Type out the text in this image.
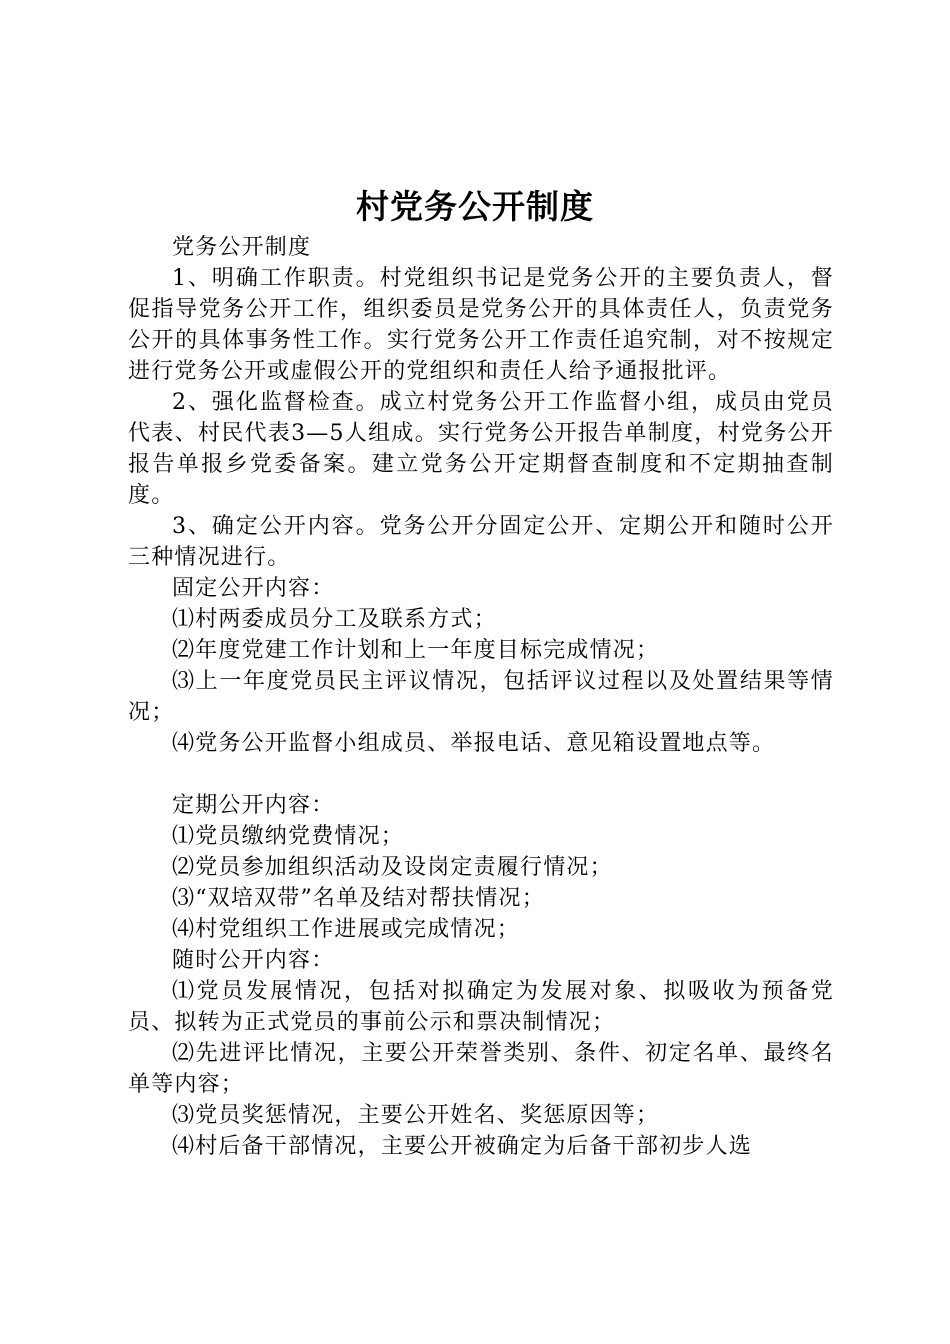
村党务公开制度

党务公开制度

1、明确工作职责。村党组织书记是党务公开的主要负责人，督促指导党务公开工作，组织委员是党务公开的具体责任人，负责党务公开的具体事务性工作。实行党务公开工作责任追究制，对不按规定进行党务公开或虚假公开的党组织和责任人给予通报批评。

2、强化监督检查。成立村党务公开工作监督小组，成员由党员代表、村民代表3—5人组成。实行党务公开报告单制度，村党务公开报告单报乡党委备案。建立党务公开定期督查制度和不定期抽查制度。

3、确定公开内容。党务公开分固定公开、定期公开和随时公开三种情况进行。

固定公开内容：

⑴村两委成员分工及联系方式；

⑵年度党建工作计划和上一年度目标完成情况；

⑶上一年度党员民主评议情况，包括评议过程以及处置结果等情况；

⑷党务公开监督小组成员、举报电话、意见箱设置地点等。

定期公开内容：

⑴党员缴纳党费情况；

⑵党员参加组织活动及设岗定责履行情况；

⑶“双培双带”名单及结对帮扶情况；

⑷村党组织工作进展或完成情况；

随时公开内容：

⑴党员发展情况，包括对拟确定为发展对象、拟吸收为预备党员、拟转为正式党员的事前公示和票决制情况；

⑵先进评比情况，主要公开荣誉类别、条件、初定名单、最终名单等内容；

⑶党员奖惩情况，主要公开姓名、奖惩原因等；

⑷村后备干部情况，主要公开被确定为后备干部初步人选
